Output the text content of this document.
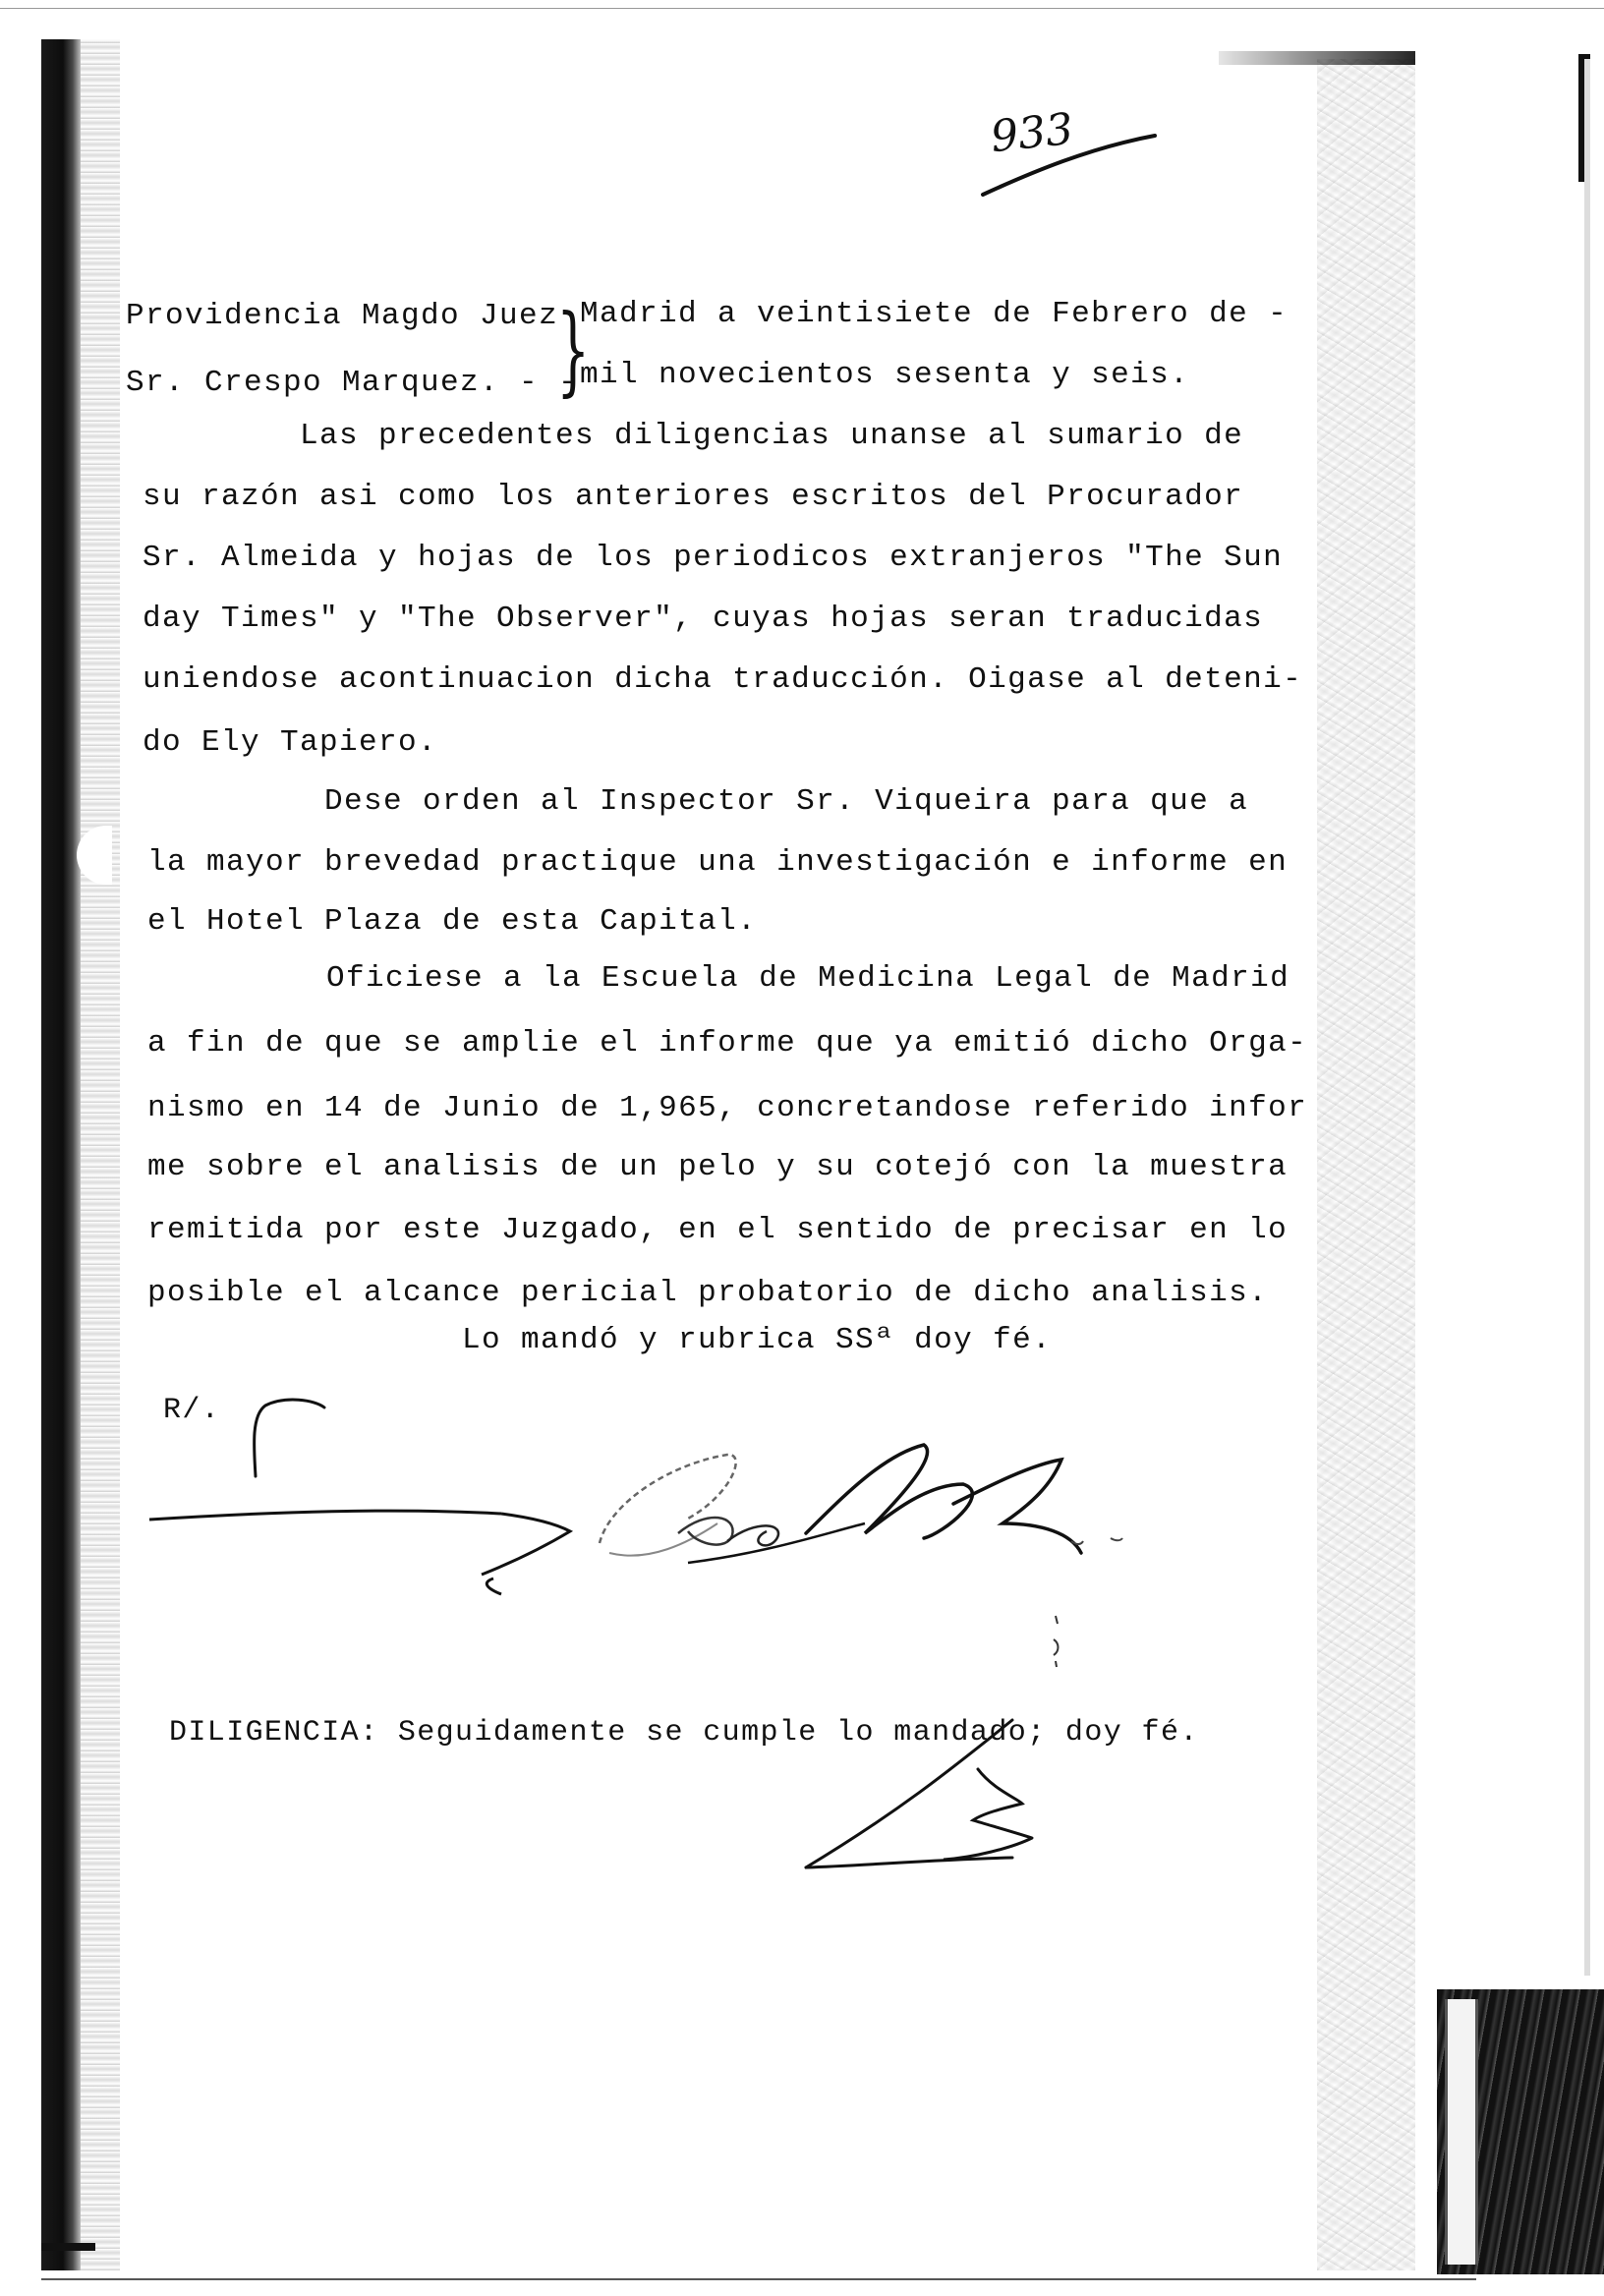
933
Providencia Magdo Juez
Sr. Crespo Marquez. - -
}
Madrid a veintisiete de Febrero de -
mil novecientos sesenta y seis.
Las precedentes diligencias unanse al sumario de
su razón asi como los anteriores escritos del Procurador
Sr. Almeida y hojas de los periodicos extranjeros "The Sun
day Times" y "The Observer", cuyas hojas seran traducidas
uniendose acontinuacion dicha traducción. Oigase al deteni-
do Ely Tapiero.
Dese orden al Inspector Sr. Viqueira para que a
la mayor brevedad practique una investigación e informe en
el Hotel Plaza de esta Capital.
Oficiese a la Escuela de Medicina Legal de Madrid
a fin de que se amplie el informe que ya emitió dicho Orga-
nismo en 14 de Junio de 1,965, concretandose referido infor
me sobre el analisis de un pelo y su cotejó con la muestra
remitida por este Juzgado, en el sentido de precisar en lo
posible el alcance pericial probatorio de dicho analisis.
Lo mandó y rubrica SSª doy fé.
R/.
DILIGENCIA: Seguidamente se cumple lo mandado; doy fé.
